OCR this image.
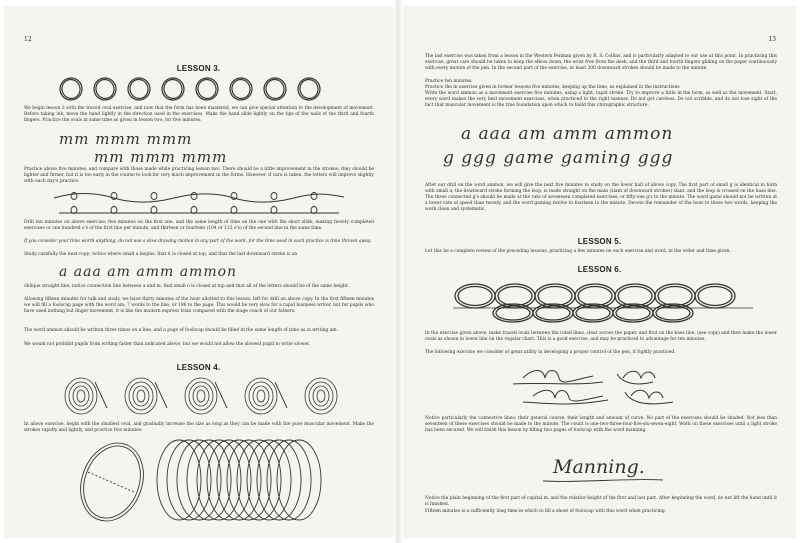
12
LESSON 3.
We begin lesson 3 with the traced oval exercise, and now that the form has been mastered, we can give special attention to the development of movement. Before taking ink, move the hand lightly in the direction used in the exercises. Make the hand slide lightly on the tips of the nails of the third and fourth fingers. Practice the ovals in same time as given in lesson two, for five minutes.
mm mmm mmm
mm mmm mmm
Practice above five minutes, and compare with those made while practicing lesson two. There should be a little improvement in the strokes; they should be lighter and firmer, but it is too early in the course to look for very much improvement in the forms. However, if care is taken, the letters will improve slightly with each day's practice.
Drill ten minutes on above exercise; five minutes on the first one, and the same length of time on the one with the short slide; making twenty completed exercises or one hundred o's of the first line per minute, and thirteen or fourteen (104 or 112 o's) of the second line in the same time.
If you consider your time worth anything, do not use a slow drawing motion in any part of the work, for the time used in such practice is time thrown away.
Study carefully the next copy; notice where small a begins, that it is closed at top, and that the last downward stroke is an
a aaa am amm ammon
oblique straight line; notice connection line between a and m, that small o is closed at top and that all of the letters should be of the same height.
Allowing fifteen minutes for talk and study, we have thirty minutes of the hour allotted to this lesson, left for drill on above copy. In the first fifteen minutes we will fill a foolscap page with the word am; 7 words to the line, or 196 to the page. This would be very slow for a rapid business writer, but for pupils who have used nothing but finger movement, it is like the modern express train compared with the stage coach of our fathers.
The word ammon should be written three times on a line, and a page of foolscap should be filled in the same length of time as in writing am.
We would not prohibit pupils from writing faster than indicated above, but we would not allow the slowest pupil to write slower.
LESSON 4.
In above exercise, begin with the smallest oval, and gradually increase the size as long as they can be made with the pure muscular movement. Make the strokes rapidly and lightly, and practice five minutes.
13
The last exercise was taken from a lesson in the Western Penman given by R. S. Collins, and is particularly adapted to our use at this point. In practicing this exercise, great care should be taken to keep the elbow down, the wrist free from the desk, and the third and fourth fingers gliding on the paper continuously with every motion of the pen. In the second part of the exercise, at least 200 downward strokes should be made to the minute.
Practice ten minutes.
Practice the m exercise given in former lessons five minutes, keeping up the time, as explained in the instructions
Write the word ammon as a movement exercise five minutes, using a light, rapid stroke. Try to improve a little in the form, as well as the movement. Start, every word makes the very best movement exercises, when practiced in the right manner. Do not get careless. Do not scribble, and do not lose sight of the fact that muscular movement is the true foundation upon which to build this chirographic structure.
a aaa am amm ammon
g ggg game gaming ggg
After our drill on the word ammon, we will give the next five minutes to study on the lower half of above copy. The first part of small g is identical in form with small a; the downward stroke forming the loop, is made straight on the main (slant of downward strokes) slant, and the loop is crossed on the base line. The three connected g's should be made at the rate of seventeen completed exercises, or fifty-one g's to the minute. The word game should not be written at a lower rate of speed than twenty, and the word gaming twelve to fourteen to the minute. Devote the remainder of the hour to these two words, keeping the work clean and systematic.
LESSON 5.
Let this be a complete review of the preceding lessons, practicing a few minutes on each exercise and word, in the order and time given.
LESSON 6.
In the exercise given above, make traced ovals between the ruled lines, clear across the paper, and first on the base line, (see copy) and then make the lower ovals as shown in lower line on the regular chart. This is a good exercise, and may be practiced to advantage for ten minutes.
The following exercise we consider of great utility in developing a proper control of the pen, if rightly practiced.
Notice particularly the connective lines; their general course, their length and amount of curve. No part of the exercises should be shaded. Not less than seventeen of these exercises should be made to the minute. The count is one-two-three-four-five-six-seven-eight. Work on these exercises until a light stroke has been secured. We will finish this lesson by filling two pages of foolscap with the word manning.
Manning.
Notice the plain beginning of the first part of capital m, and the relative height of the first and last part. After beginning the word, do not lift the hand until it is finished.
Fifteen minutes is a sufficiently long time in which to fill a sheet of foolscap with this word when practicing.
